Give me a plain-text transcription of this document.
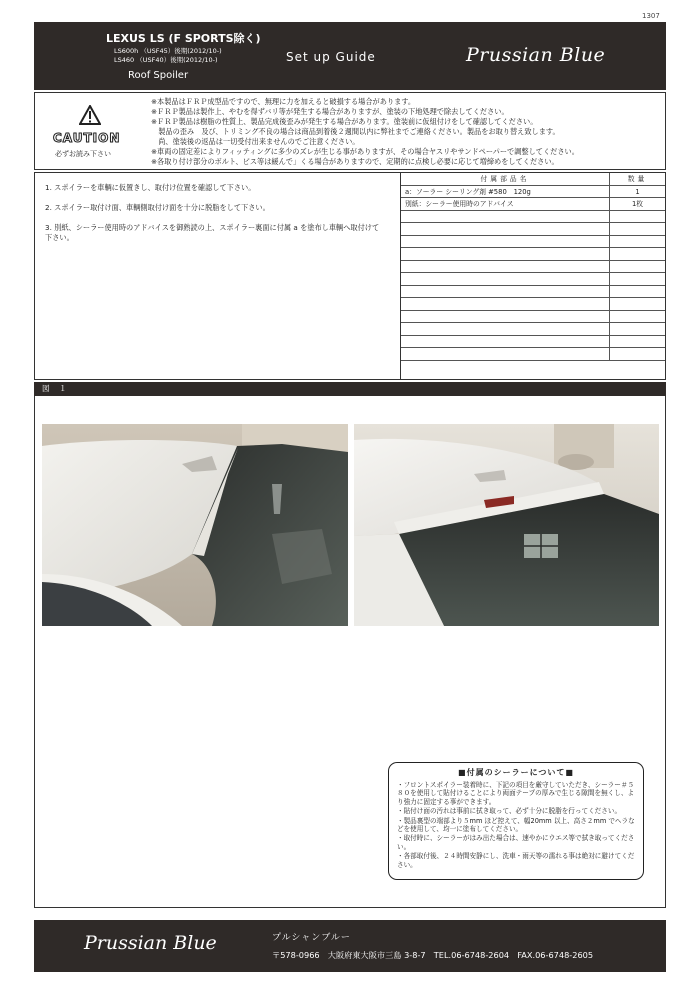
1307
LEXUS LS (F SPORTS除く)
LS600h （USF45）後期(2012/10-)
LS460 （USF40）後期(2012/10-)
Roof Spoiler
Set up Guide	Prussian Blue
CAUTION
必ずお読み下さい
※本製品はＦＲＰ成型品ですので、無理に力を加えると破損する場合があります。
※ＦＲＰ製品は製作上、やむを得ずバリ等が発生する場合がありますが、塗装の下地処理で除去してください。
※ＦＲＰ製品は樹脂の性質上、製品完成後歪みが発生する場合があります。塗装前に仮組付けをして確認してください。
　製品の歪み　及び、トリミング不良の場合は商品到着後２週間以内に弊社までご連絡ください。製品をお取り替え致します。
　尚、塗装後の返品は一切受付出来ませんのでご注意ください。
※車両の固定差によりフィッティングに多少のズレが生じる事がありますが、その場合ヤスリやサンドペーパーで調整してください。
※各取り付け部分のボルト、ビス等は緩んで」くる場合がありますので、定期的に点検し必要に応じて増締めをしてください。
1. スポイラーを車輌に仮置きし、取付け位置を確認して下さい。
2. スポイラー取付け面、車輌側取付け面を十分に脱脂をして下さい。
3. 別紙、シーラー使用時のアドバイスを御熟読の上、スポイラー裏面に付属 a を塗布し車輌へ取付けて下さい。
付属部品名	数量
a：ソーラー シーリング剤 #580　120g	1
別紙：シーラー使用時のアドバイス	1枚
図　１
■付属のシーラーについて■
・フロントスポイラー装着時に、下記の項目を厳守していただき、シーラー＃５８０を使用して貼付けることにより両面テープの厚みで生じる隙間を無くし、より強力に固定する事ができます。
・貼付け面の汚れは事前に拭き取って、必ず十分に脱脂を行ってください。
・製品裏型の端部より５mm ほど控えて、幅20mm 以上、高さ２mm でヘラなどを使用して、均一に塗布してください。
・取付時に、シーラーがはみ出た場合は、速やかにウエス等で拭き取ってください。
・各部取付後、２４時間安静にし、洗車・雨天等の濡れる事は絶対に避けてください。
Prussian Blue	プルシャンブルー
〒578-0966　大阪府東大阪市三島 3-8-7　TEL.06-6748-2604　FAX.06-6748-2605
